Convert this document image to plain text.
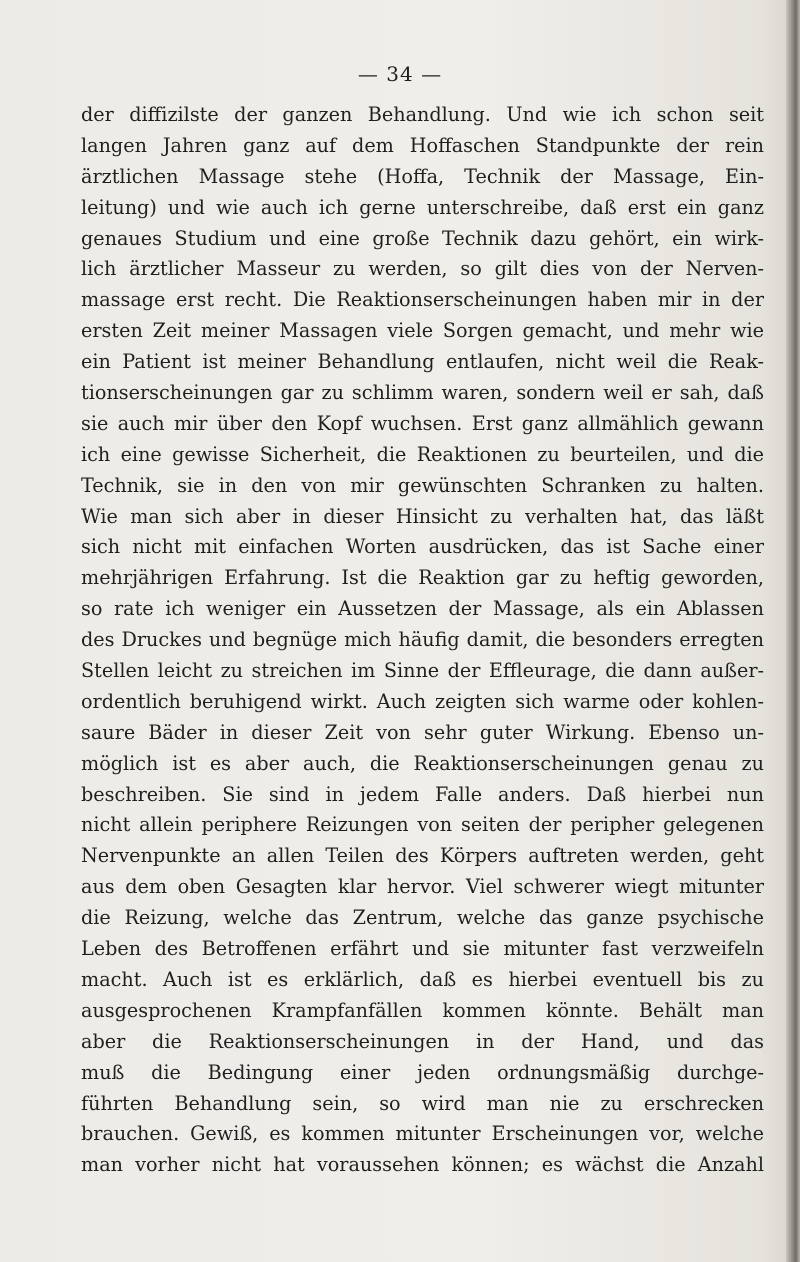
— 34 —

der diffizilste der ganzen Behandlung. Und wie ich schon seit
langen Jahren ganz auf dem Hoffaschen Standpunkte der rein
ärztlichen Massage stehe (Hoffa, Technik der Massage, Ein-
leitung) und wie auch ich gerne unterschreibe, daß erst ein ganz
genaues Studium und eine große Technik dazu gehört, ein wirk-
lich ärztlicher Masseur zu werden, so gilt dies von der Nerven-
massage erst recht. Die Reaktionserscheinungen haben mir in der
ersten Zeit meiner Massagen viele Sorgen gemacht, und mehr wie
ein Patient ist meiner Behandlung entlaufen, nicht weil die Reak-
tionserscheinungen gar zu schlimm waren, sondern weil er sah, daß
sie auch mir über den Kopf wuchsen. Erst ganz allmählich gewann
ich eine gewisse Sicherheit, die Reaktionen zu beurteilen, und die
Technik, sie in den von mir gewünschten Schranken zu halten.
Wie man sich aber in dieser Hinsicht zu verhalten hat, das läßt
sich nicht mit einfachen Worten ausdrücken, das ist Sache einer
mehrjährigen Erfahrung. Ist die Reaktion gar zu heftig geworden,
so rate ich weniger ein Aussetzen der Massage, als ein Ablassen
des Druckes und begnüge mich häufig damit, die besonders erregten
Stellen leicht zu streichen im Sinne der Effleurage, die dann außer-
ordentlich beruhigend wirkt. Auch zeigten sich warme oder kohlen-
saure Bäder in dieser Zeit von sehr guter Wirkung. Ebenso un-
möglich ist es aber auch, die Reaktionserscheinungen genau zu
beschreiben. Sie sind in jedem Falle anders. Daß hierbei nun
nicht allein periphere Reizungen von seiten der peripher gelegenen
Nervenpunkte an allen Teilen des Körpers auftreten werden, geht
aus dem oben Gesagten klar hervor. Viel schwerer wiegt mitunter
die Reizung, welche das Zentrum, welche das ganze psychische
Leben des Betroffenen erfährt und sie mitunter fast verzweifeln
macht. Auch ist es erklärlich, daß es hierbei eventuell bis zu
ausgesprochenen Krampfanfällen kommen könnte. Behält man
aber die Reaktionserscheinungen in der Hand, und das
muß die Bedingung einer jeden ordnungsmäßig durchge-
führten Behandlung sein, so wird man nie zu erschrecken
brauchen. Gewiß, es kommen mitunter Erscheinungen vor, welche
man vorher nicht hat voraussehen können; es wächst die Anzahl
